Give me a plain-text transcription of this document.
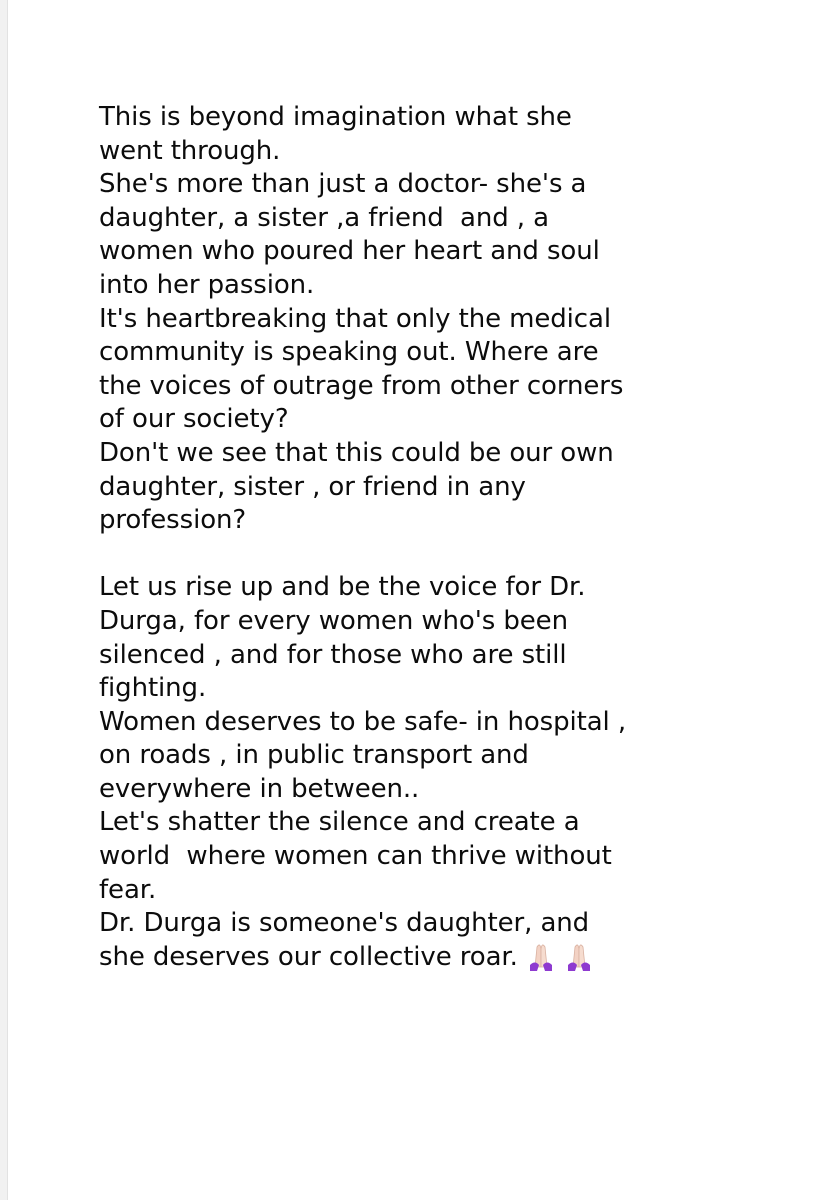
This is beyond imagination what she
went through.
She's more than just a doctor- she's a
daughter, a sister ,a friend  and , a
women who poured her heart and soul
into her passion.
It's heartbreaking that only the medical
community is speaking out. Where are
the voices of outrage from other corners
of our society?
Don't we see that this could be our own
daughter, sister , or friend in any
profession?
Let us rise up and be the voice for Dr.
Durga, for every women who's been
silenced , and for those who are still
fighting.
Women deserves to be safe- in hospital ,
on roads , in public transport and
everywhere in between..
Let's shatter the silence and create a
world  where women can thrive without
fear.
Dr. Durga is someone's daughter, and
she deserves our collective roar.
